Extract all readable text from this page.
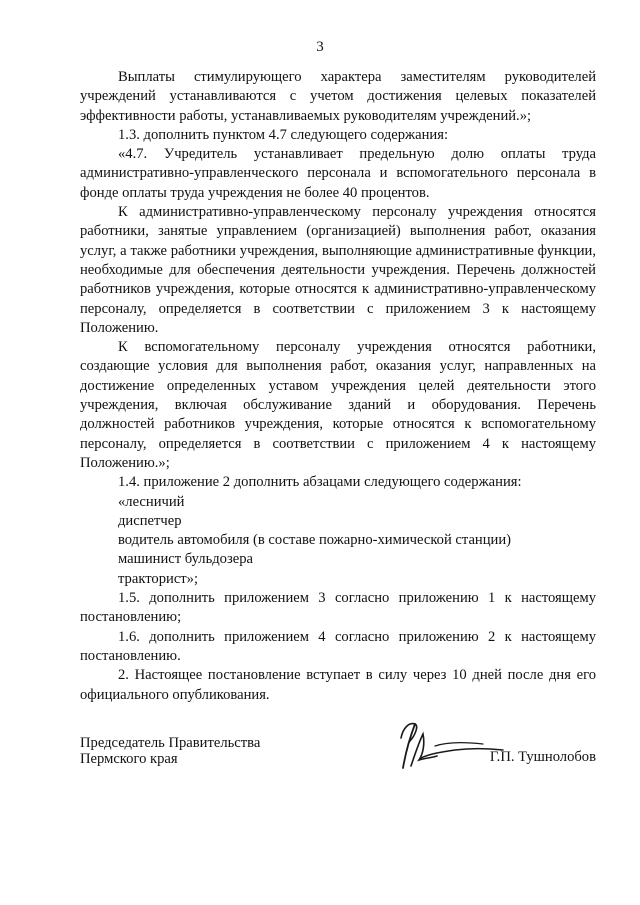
3

Выплаты стимулирующего характера заместителям руководителей учреждений устанавливаются с учетом достижения целевых показателей эффективности работы, устанавливаемых руководителям учреждений.»;

1.3. дополнить пунктом 4.7 следующего содержания:

«4.7. Учредитель устанавливает предельную долю оплаты труда административно-управленческого персонала и вспомогательного персонала в фонде оплаты труда учреждения не более 40 процентов.

К административно-управленческому персоналу учреждения относятся работники, занятые управлением (организацией) выполнения работ, оказания услуг, а также работники учреждения, выполняющие административные функции, необходимые для обеспечения деятельности учреждения. Перечень должностей работников учреждения, которые относятся к административно-управленческому персоналу, определяется в соответствии с приложением 3 к настоящему Положению.

К вспомогательному персоналу учреждения относятся работники, создающие условия для выполнения работ, оказания услуг, направленных на достижение определенных уставом учреждения целей деятельности этого учреждения, включая обслуживание зданий и оборудования. Перечень должностей работников учреждения, которые относятся к вспомогательному персоналу, определяется в соответствии с приложением 4 к настоящему Положению.»;

1.4. приложение 2 дополнить абзацами следующего содержания:

«лесничий

диспетчер

водитель автомобиля (в составе пожарно-химической станции)

машинист бульдозера

тракторист»;

1.5. дополнить приложением 3 согласно приложению 1 к настоящему постановлению;

1.6. дополнить приложением 4 согласно приложению 2 к настоящему постановлению.

2. Настоящее постановление вступает в силу через 10 дней после дня его официального опубликования.

Председатель Правительства
Пермского края	Г.П. Тушнолобов
